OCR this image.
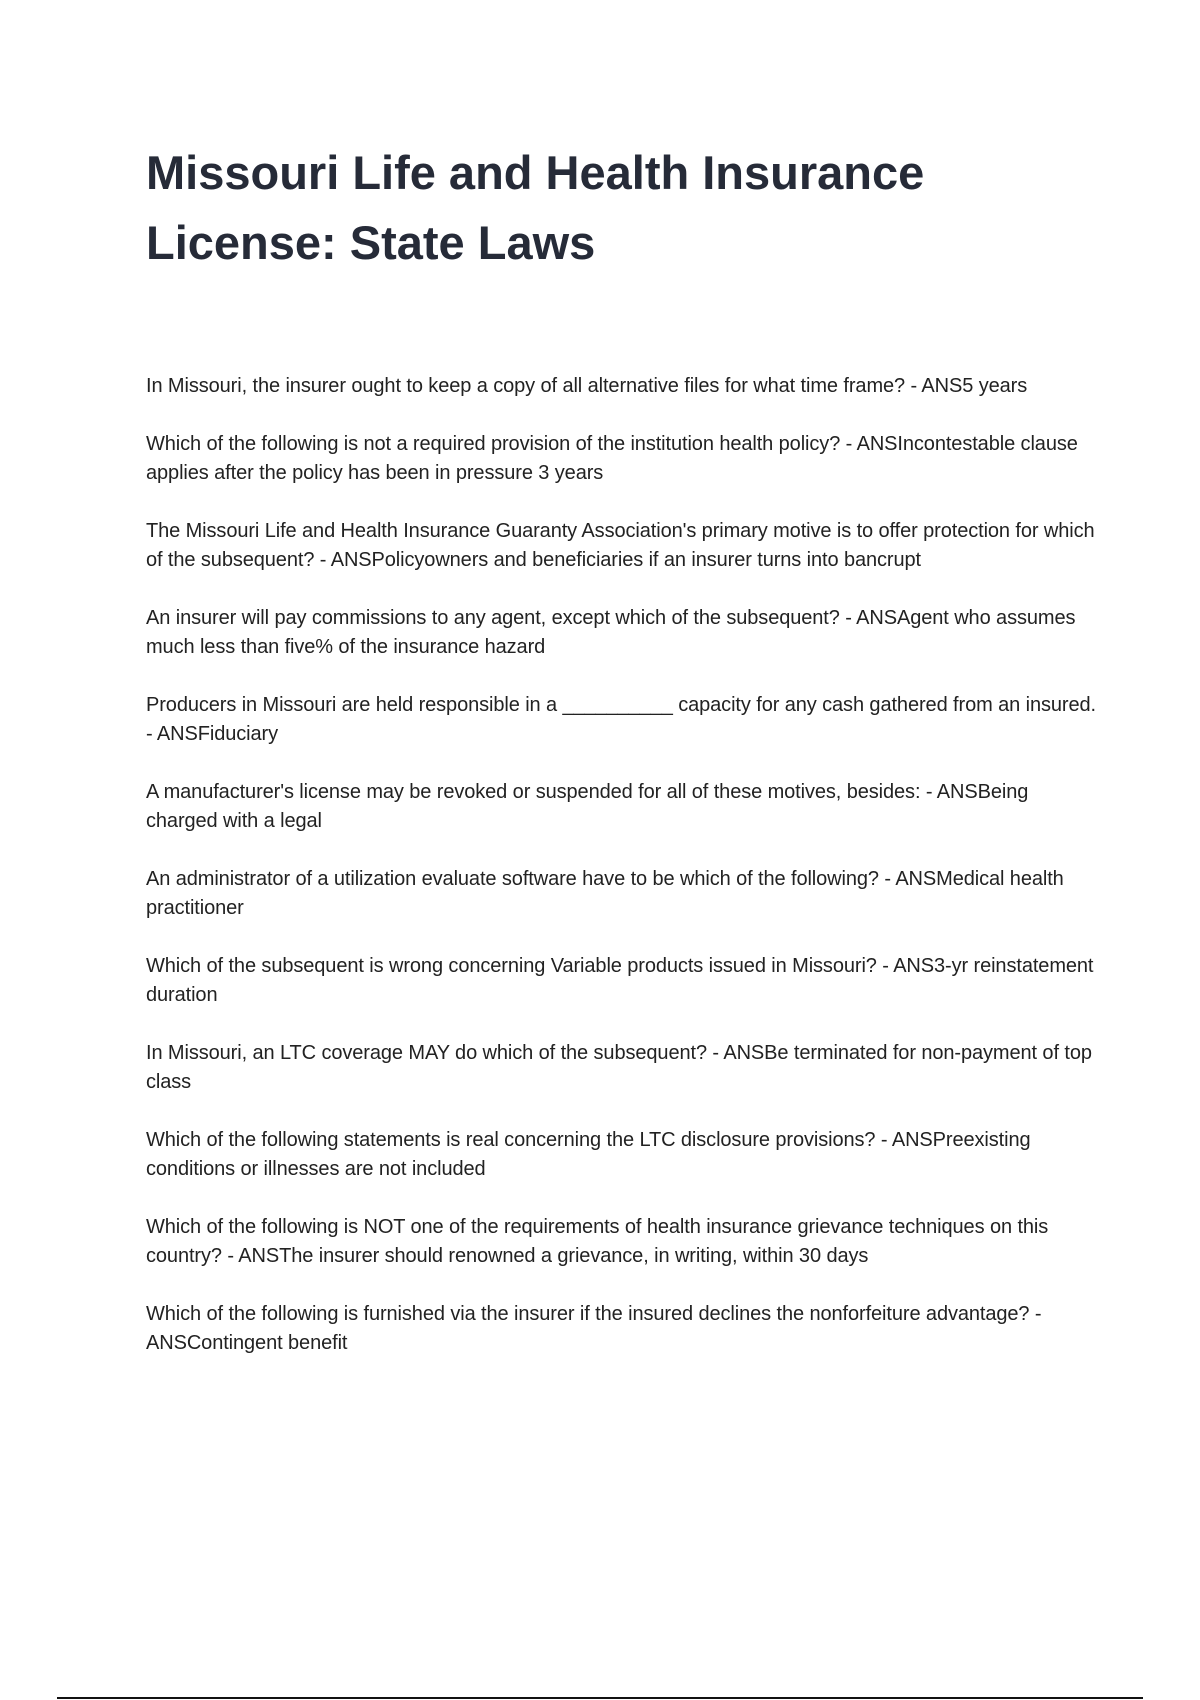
Missouri Life and Health Insurance License: State Laws
In Missouri, the insurer ought to keep a copy of all alternative files for what time frame? - ANS5 years
Which of the following is not a required provision of the institution health policy? - ANSIncontestable clause applies after the policy has been in pressure 3 years
The Missouri Life and Health Insurance Guaranty Association's primary motive is to offer protection for which of the subsequent? - ANSPolicyowners and beneficiaries if an insurer turns into bancrupt
An insurer will pay commissions to any agent, except which of the subsequent? - ANSAgent who assumes much less than five% of the insurance hazard
Producers in Missouri are held responsible in a __________ capacity for any cash gathered from an insured. - ANSFiduciary
A manufacturer's license may be revoked or suspended for all of these motives, besides: - ANSBeing charged with a legal
An administrator of a utilization evaluate software have to be which of the following? - ANSMedical health practitioner
Which of the subsequent is wrong concerning Variable products issued in Missouri? - ANS3-yr reinstatement duration
In Missouri, an LTC coverage MAY do which of the subsequent? - ANSBe terminated for non-payment of top class
Which of the following statements is real concerning the LTC disclosure provisions? - ANSPreexisting conditions or illnesses are not included
Which of the following is NOT one of the requirements of health insurance grievance techniques on this country? - ANSThe insurer should renowned a grievance, in writing, within 30 days
Which of the following is furnished via the insurer if the insured declines the nonforfeiture advantage? - ANSContingent benefit
